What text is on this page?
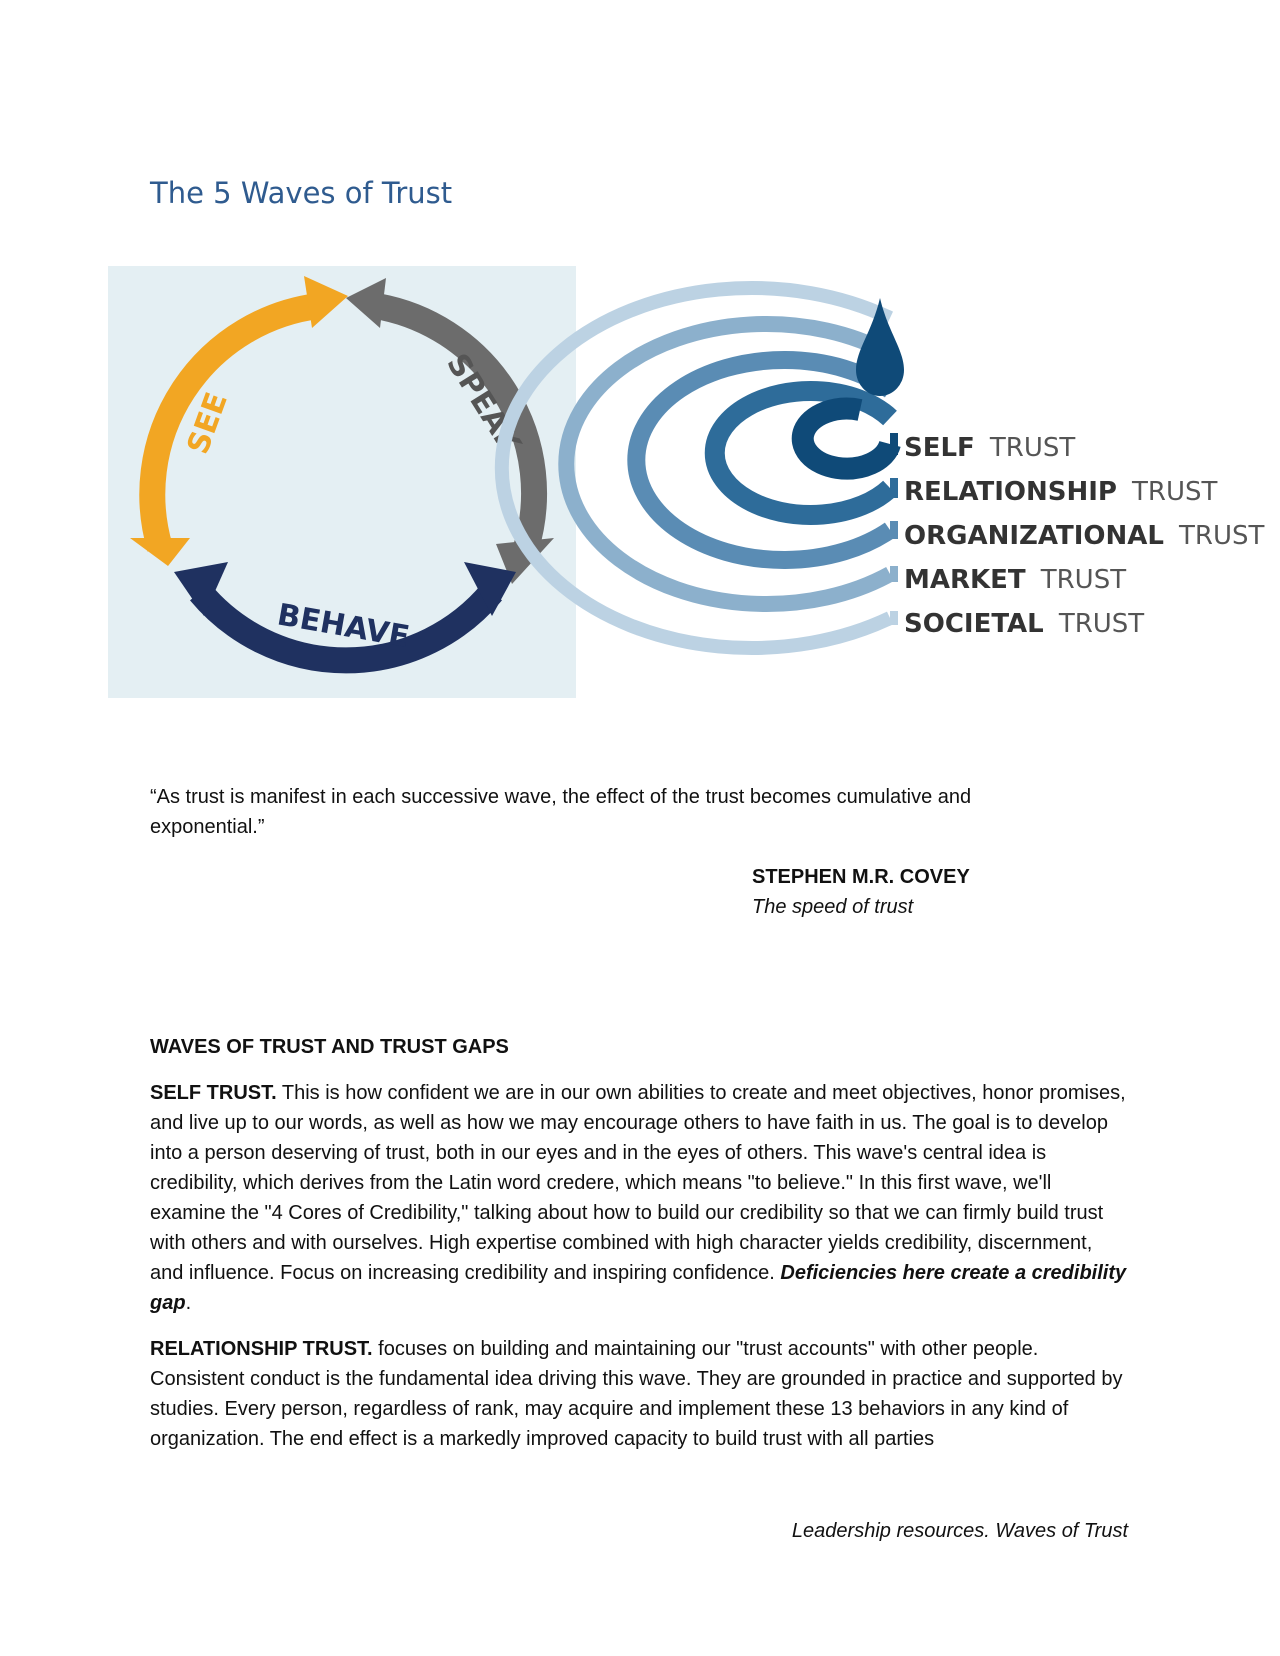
The 5 Waves of Trust
SEE	SPEAK
BEHAVE
SELF TRUST
RELATIONSHIP TRUST
ORGANIZATIONAL TRUST
MARKET TRUST
SOCIETAL TRUST
“As trust is manifest in each successive wave, the effect of the trust becomes cumulative and exponential.”
STEPHEN M.R. COVEY
The speed of trust

WAVES OF TRUST AND TRUST GAPS

SELF TRUST. This is how confident we are in our own abilities to create and meet objectives, honor promises, and live up to our words, as well as how we may encourage others to have faith in us. The goal is to develop into a person deserving of trust, both in our eyes and in the eyes of others. This wave's central idea is credibility, which derives from the Latin word credere, which means "to believe." In this first wave, we'll examine the "4 Cores of Credibility," talking about how to build our credibility so that we can firmly build trust with others and with ourselves. High expertise combined with high character yields credibility, discernment, and influence. Focus on increasing credibility and inspiring confidence. Deficiencies here create a credibility gap.

RELATIONSHIP TRUST. focuses on building and maintaining our "trust accounts" with other people. Consistent conduct is the fundamental idea driving this wave. They are grounded in practice and supported by studies. Every person, regardless of rank, may acquire and implement these 13 behaviors in any kind of organization. The end effect is a markedly improved capacity to build trust with all parties

Leadership resources. Waves of Trust
